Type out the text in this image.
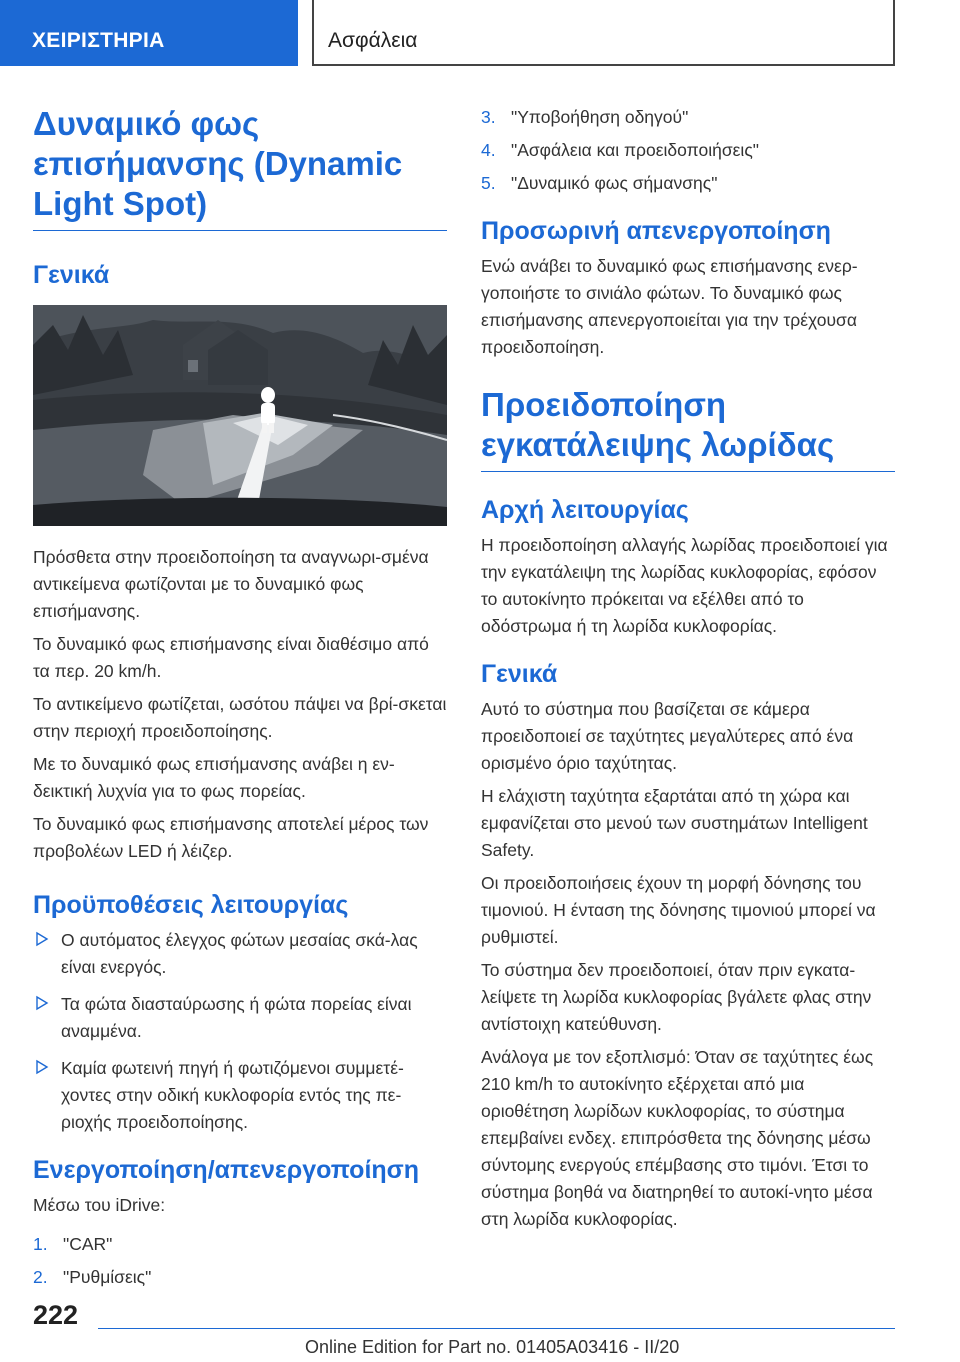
ΧΕΙΡΙΣΤΗΡΙΑ	Ασφάλεια
Δυναμικό φως επισήμανσης (Dynamic Light Spot)
Γενικά
Πρόσθετα στην προειδοποίηση τα αναγνωρι-σμένα αντικείμενα φωτίζονται με το δυναμικό φως επισήμανσης.
Το δυναμικό φως επισήμανσης είναι διαθέσιμο από τα περ. 20 km/h.
Το αντικείμενο φωτίζεται, ωσότου πάψει να βρί-σκεται στην περιοχή προειδοποίησης.
Με το δυναμικό φως επισήμανσης ανάβει η εν-δεικτική λυχνία για το φως πορείας.
Το δυναμικό φως επισήμανσης αποτελεί μέρος των προβολέων LED ή λέιζερ.
Προϋποθέσεις λειτουργίας
Ο αυτόματος έλεγχος φώτων μεσαίας σκά-λας είναι ενεργός.
Τα φώτα διασταύρωσης ή φώτα πορείας είναι αναμμένα.
Καμία φωτεινή πηγή ή φωτιζόμενοι συμμετέ-χοντες στην οδική κυκλοφορία εντός της πε-ριοχής προειδοποίησης.
Ενεργοποίηση/απενεργοποίηση
Μέσω του iDrive:
1. "CAR"
2. "Ρυθμίσεις"
3. "Υποβοήθηση οδηγού"
4. "Ασφάλεια και προειδοποιήσεις"
5. "Δυναμικό φως σήμανσης"
Προσωρινή απενεργοποίηση
Ενώ ανάβει το δυναμικό φως επισήμανσης ενερ-γοποιήστε το σινιάλο φώτων. Το δυναμικό φως επισήμανσης απενεργοποιείται για την τρέχουσα προειδοποίηση.
Προειδοποίηση εγκατάλειψης λωρίδας
Αρχή λειτουργίας
Η προειδοποίηση αλλαγής λωρίδας προειδοποιεί για την εγκατάλειψη της λωρίδας κυκλοφορίας, εφόσον το αυτοκίνητο πρόκειται να εξέλθει από το οδόστρωμα ή τη λωρίδα κυκλοφορίας.
Γενικά
Αυτό το σύστημα που βασίζεται σε κάμερα προειδοποιεί σε ταχύτητες μεγαλύτερες από ένα ορισμένο όριο ταχύτητας.
Η ελάχιστη ταχύτητα εξαρτάται από τη χώρα και εμφανίζεται στο μενού των συστημάτων Intelligent Safety.
Οι προειδοποιήσεις έχουν τη μορφή δόνησης του τιμονιού. Η ένταση της δόνησης τιμονιού μπορεί να ρυθμιστεί.
Το σύστημα δεν προειδοποιεί, όταν πριν εγκατα-λείψετε τη λωρίδα κυκλοφορίας βγάλετε φλας στην αντίστοιχη κατεύθυνση.
Ανάλογα με τον εξοπλισμό: Όταν σε ταχύτητες έως 210 km/h το αυτοκίνητο εξέρχεται από μια οριοθέτηση λωρίδων κυκλοφορίας, το σύστημα επεμβαίνει ενδεχ. επιπρόσθετα της δόνησης μέσω σύντομης ενεργούς επέμβασης στο τιμόνι. Έτσι το σύστημα βοηθά να διατηρηθεί το αυτοκί-νητο μέσα στη λωρίδα κυκλοφορίας.
222
Online Edition for Part no. 01405A03416 - II/20
